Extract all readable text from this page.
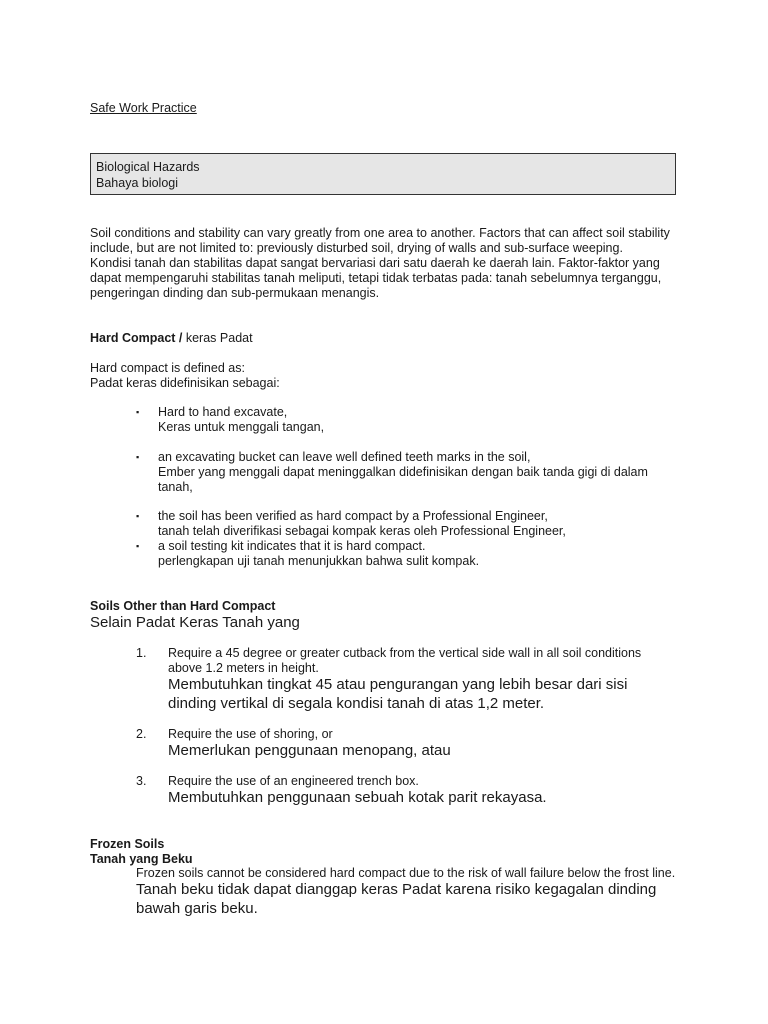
Safe Work Practice
Biological Hazards
Bahaya biologi
Soil conditions and stability can vary greatly from one area to another. Factors that can affect soil stability
include, but are not limited to: previously disturbed soil, drying of walls and sub-surface weeping.
Kondisi tanah dan stabilitas dapat sangat bervariasi dari satu daerah ke daerah lain. Faktor-faktor yang
dapat mempengaruhi stabilitas tanah meliputi, tetapi tidak terbatas pada: tanah sebelumnya terganggu,
pengeringan dinding dan sub-permukaan menangis.
Hard Compact / keras Padat
Hard compact is defined as:
Padat keras didefinisikan sebagai:
▪ Hard to hand excavate,
Keras untuk menggali tangan,
▪ an excavating bucket can leave well defined teeth marks in the soil,
Ember yang menggali dapat meninggalkan didefinisikan dengan baik tanda gigi di dalam
tanah,
▪ the soil has been verified as hard compact by a Professional Engineer,
tanah telah diverifikasi sebagai kompak keras oleh Professional Engineer,
▪ a soil testing kit indicates that it is hard compact.
perlengkapan uji tanah menunjukkan bahwa sulit kompak.
Soils Other than Hard Compact
Selain Padat Keras Tanah yang
1. Require a 45 degree or greater cutback from the vertical side wall in all soil conditions
above 1.2 meters in height.
Membutuhkan tingkat 45 atau pengurangan yang lebih besar dari sisi
dinding vertikal di segala kondisi tanah di atas 1,2 meter.
2. Require the use of shoring, or
Memerlukan penggunaan menopang, atau
3. Require the use of an engineered trench box.
Membutuhkan penggunaan sebuah kotak parit rekayasa.
Frozen Soils
Tanah yang Beku
Frozen soils cannot be considered hard compact due to the risk of wall failure below the frost line.
Tanah beku tidak dapat dianggap keras Padat karena risiko kegagalan dinding
bawah garis beku.
